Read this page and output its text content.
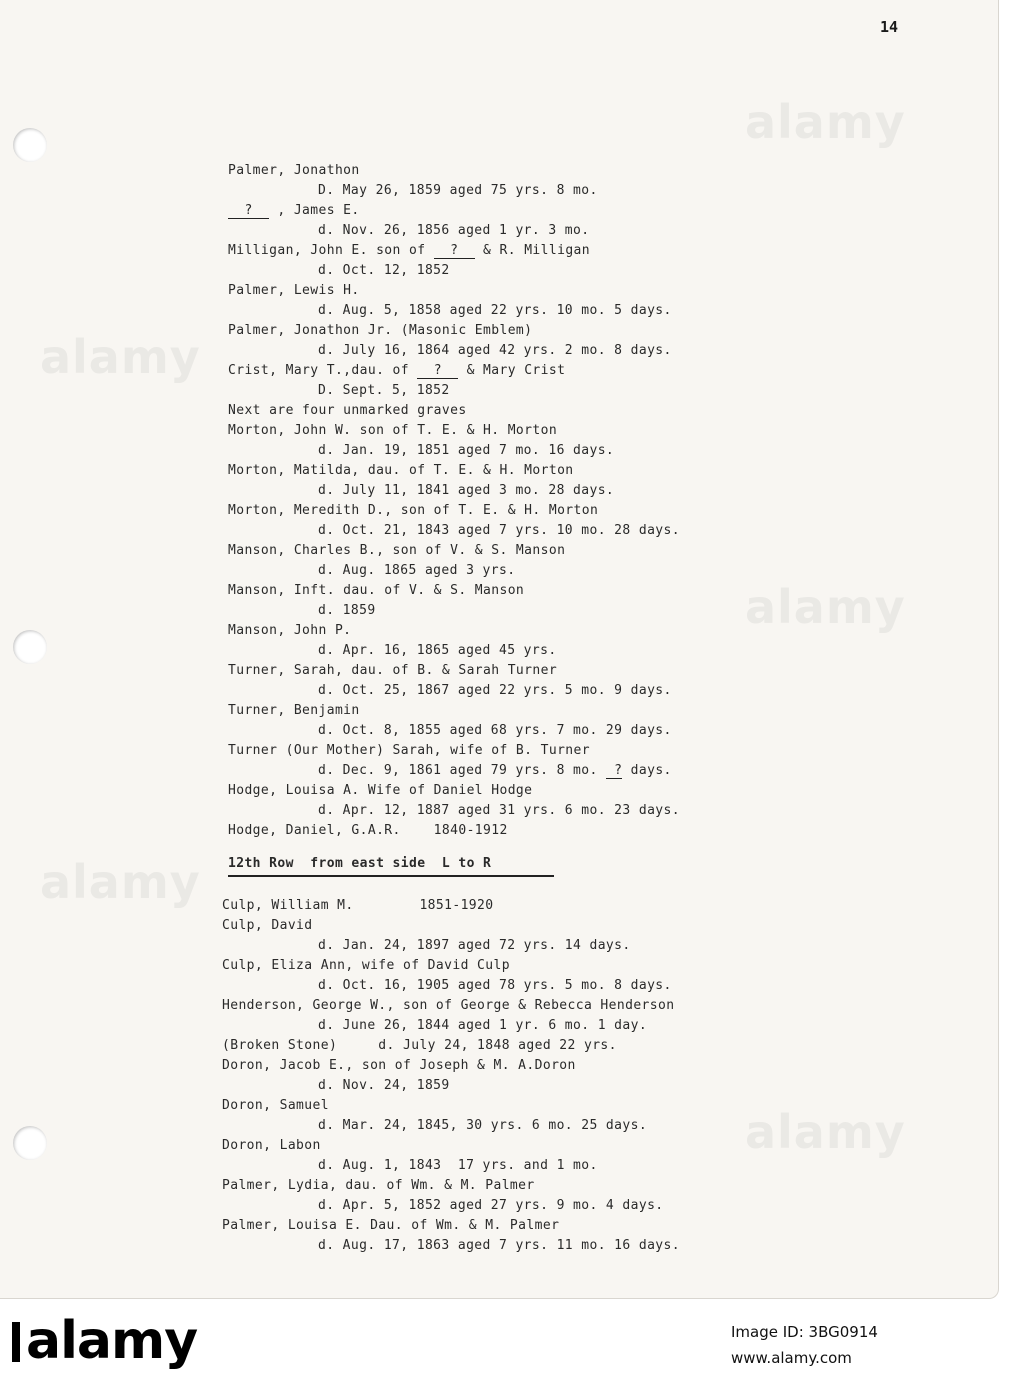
14
alamy
alamy
alamy
alamy
alamy
Palmer, Jonathon
D. May 26, 1859 aged 75 yrs. 8 mo.
?   , James E.
d. Nov. 26, 1856 aged 1 yr. 3 mo.
Milligan, John E. son of   ?   & R. Milligan
d. Oct. 12, 1852
Palmer, Lewis H.
d. Aug. 5, 1858 aged 22 yrs. 10 mo. 5 days.
Palmer, Jonathon Jr. (Masonic Emblem)
d. July 16, 1864 aged 42 yrs. 2 mo. 8 days.
Crist, Mary T.,dau. of   ?   & Mary Crist
D. Sept. 5, 1852
Next are four unmarked graves
Morton, John W. son of T. E. & H. Morton
d. Jan. 19, 1851 aged 7 mo. 16 days.
Morton, Matilda, dau. of T. E. & H. Morton
d. July 11, 1841 aged 3 mo. 28 days.
Morton, Meredith D., son of T. E. & H. Morton
d. Oct. 21, 1843 aged 7 yrs. 10 mo. 28 days.
Manson, Charles B., son of V. & S. Manson
d. Aug. 1865 aged 3 yrs.
Manson, Inft. dau. of V. & S. Manson
d. 1859
Manson, John P.
d. Apr. 16, 1865 aged 45 yrs.
Turner, Sarah, dau. of B. & Sarah Turner
d. Oct. 25, 1867 aged 22 yrs. 5 mo. 9 days.
Turner, Benjamin
d. Oct. 8, 1855 aged 68 yrs. 7 mo. 29 days.
Turner (Our Mother) Sarah, wife of B. Turner
d. Dec. 9, 1861 aged 79 yrs. 8 mo.  ? days.
Hodge, Louisa A. Wife of Daniel Hodge
d. Apr. 12, 1887 aged 31 yrs. 6 mo. 23 days.
Hodge, Daniel, G.A.R.    1840-1912
12th Row  from east side  L to R
Culp, William M.        1851-1920
Culp, David
d. Jan. 24, 1897 aged 72 yrs. 14 days.
Culp, Eliza Ann, wife of David Culp
d. Oct. 16, 1905 aged 78 yrs. 5 mo. 8 days.
Henderson, George W., son of George & Rebecca Henderson
d. June 26, 1844 aged 1 yr. 6 mo. 1 day.
(Broken Stone)     d. July 24, 1848 aged 22 yrs.
Doron, Jacob E., son of Joseph & M. A.Doron
d. Nov. 24, 1859
Doron, Samuel
d. Mar. 24, 1845, 30 yrs. 6 mo. 25 days.
Doron, Labon
d. Aug. 1, 1843  17 yrs. and 1 mo.
Palmer, Lydia, dau. of Wm. & M. Palmer
d. Apr. 5, 1852 aged 27 yrs. 9 mo. 4 days.
Palmer, Louisa E. Dau. of Wm. & M. Palmer
d. Aug. 17, 1863 aged 7 yrs. 11 mo. 16 days.
alamy	Image ID: 3BG0914
www.alamy.com
